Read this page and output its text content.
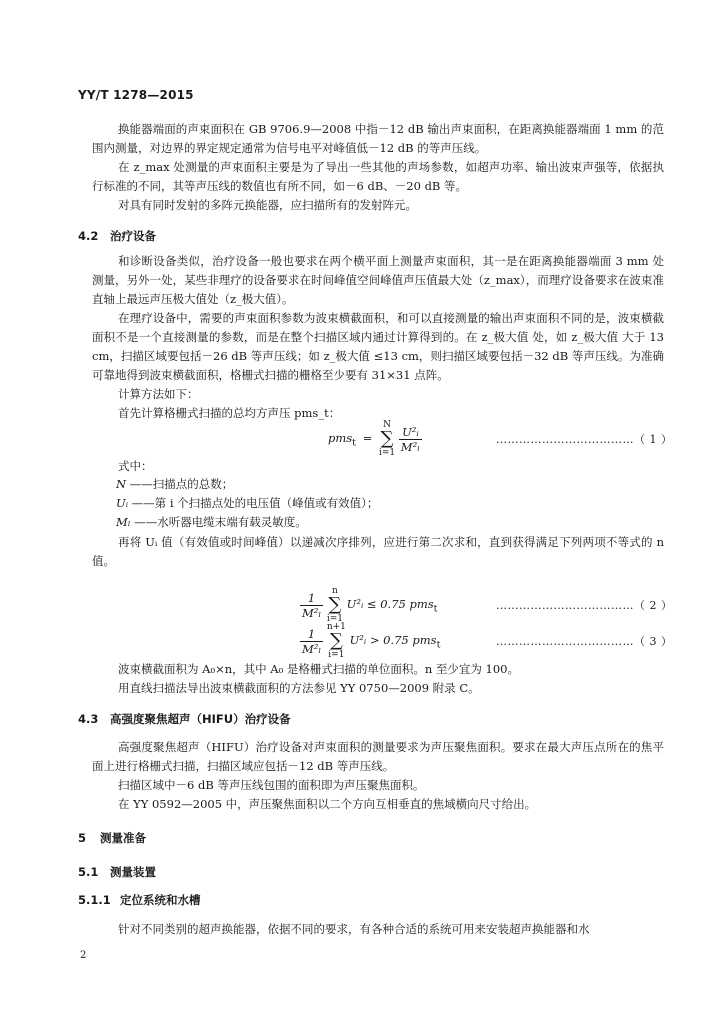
YY/T 1278—2015
换能器端面的声束面积在 GB 9706.9—2008 中指－12 dB 输出声束面积，在距离换能器端面 1 mm 的范围内测量，对边界的界定规定通常为信号电平对峰值低－12 dB 的等声压线。
在 z_max 处测量的声束面积主要是为了导出一些其他的声场参数，如超声功率、输出波束声强等，依据执行标准的不同，其等声压线的数值也有所不同，如－6 dB、－20 dB 等。
对具有同时发射的多阵元换能器，应扫描所有的发射阵元。
4.2 治疗设备
和诊断设备类似，治疗设备一般也要求在两个横平面上测量声束面积，其一是在距离换能器端面 3 mm 处测量，另外一处，某些非理疗的设备要求在时间峰值空间峰值声压值最大处（z_max），而理疗设备要求在波束准直轴上最远声压极大值处（z_极大值）。
在理疗设备中，需要的声束面积参数为波束横截面积，和可以直接测量的输出声束面积不同的是，波束横截面积不是一个直接测量的参数，而是在整个扫描区域内通过计算得到的。在 z_极大值 处，如 z_极大值 大于 13 cm，扫描区域要包括－26 dB 等声压线；如 z_极大值 ≤13 cm，则扫描区域要包括－32 dB 等声压线。为准确可靠地得到波束横截面积，格栅式扫描的栅格至少要有 31×31 点阵。
计算方法如下：
首先计算格栅式扫描的总均方声压 pms_t：
pms$_t$ = N
∑
$i=1 \frac{\text{U²ᵢ}}{\text{M²ₗ}}$	………………………………（ 1 ）
式中：
N ——扫描点的总数；
Uᵢ ——第 i 个扫描点处的电压值（峰值或有效值）；
Mₗ ——水听器电缆末端有载灵敏度。
再将 Uᵢ 值（有效值或时间峰值）以递减次序排列，应进行第二次求和，直到获得满足下列两项不等式的 n 值。
$\frac{1}{\text{M²ₗ}}$ n
∑
i=1 U²ᵢ ≤ 0.75 pms$_t$	………………………………（ 2 ）
$\frac{1}{\text{M²ₗ}} n+1$
∑
i=1 U²ᵢ > 0.75 pms$_t$	………………………………（ 3 ）
波束横截面积为 A₀×n，其中 A₀ 是格栅式扫描的单位面积。n 至少宜为 100。
用直线扫描法导出波束横截面积的方法参见 YY 0750—2009 附录 C。
4.3 高强度聚焦超声（HIFU）治疗设备
高强度聚焦超声（HIFU）治疗设备对声束面积的测量要求为声压聚焦面积。要求在最大声压点所在的焦平面上进行格栅式扫描，扫描区域应包括－12 dB 等声压线。
扫描区域中－6 dB 等声压线包围的面积即为声压聚焦面积。
在 YY 0592—2005 中，声压聚焦面积以二个方向互相垂直的焦域横向尺寸给出。
5 测量准备
5.1 测量装置
5.1.1 定位系统和水槽
针对不同类别的超声换能器，依据不同的要求，有各种合适的系统可用来安装超声换能器和水
2
